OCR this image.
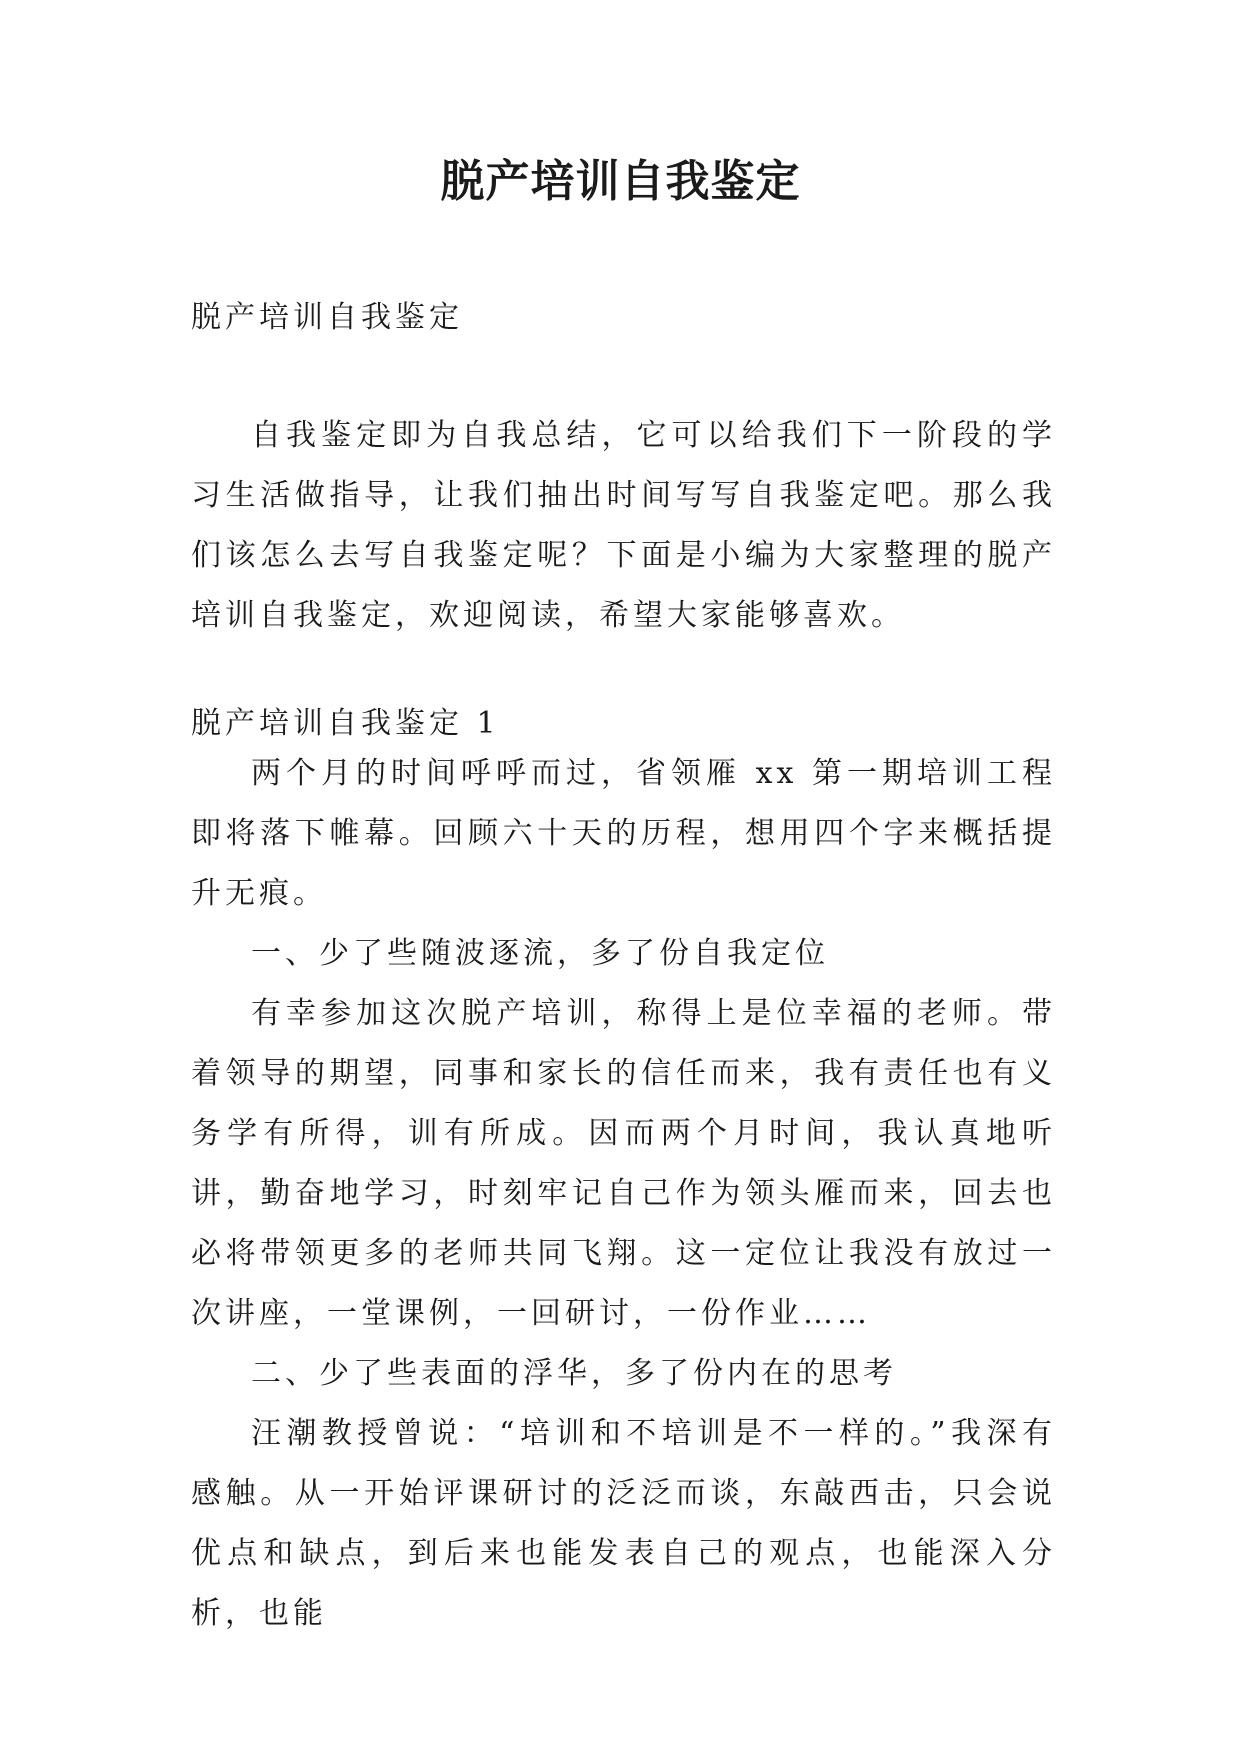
脱产培训自我鉴定
脱产培训自我鉴定

自我鉴定即为自我总结，它可以给我们下一阶段的学习生活做指导，让我们抽出时间写写自我鉴定吧。那么我们该怎么去写自我鉴定呢？下面是小编为大家整理的脱产培训自我鉴定，欢迎阅读，希望大家能够喜欢。

脱产培训自我鉴定 1

两个月的时间呼呼而过，省领雁 xx 第一期培训工程即将落下帷幕。回顾六十天的历程，想用四个字来概括提升无痕。

一、少了些随波逐流，多了份自我定位

有幸参加这次脱产培训，称得上是位幸福的老师。带着领导的期望，同事和家长的信任而来，我有责任也有义务学有所得，训有所成。因而两个月时间，我认真地听讲，勤奋地学习，时刻牢记自己作为领头雁而来，回去也必将带领更多的老师共同飞翔。这一定位让我没有放过一次讲座，一堂课例，一回研讨，一份作业……

二、少了些表面的浮华，多了份内在的思考

汪潮教授曾说：“培训和不培训是不一样的。”我深有感触。从一开始评课研讨的泛泛而谈，东敲西击，只会说优点和缺点，到后来也能发表自己的观点，也能深入分析，也能
